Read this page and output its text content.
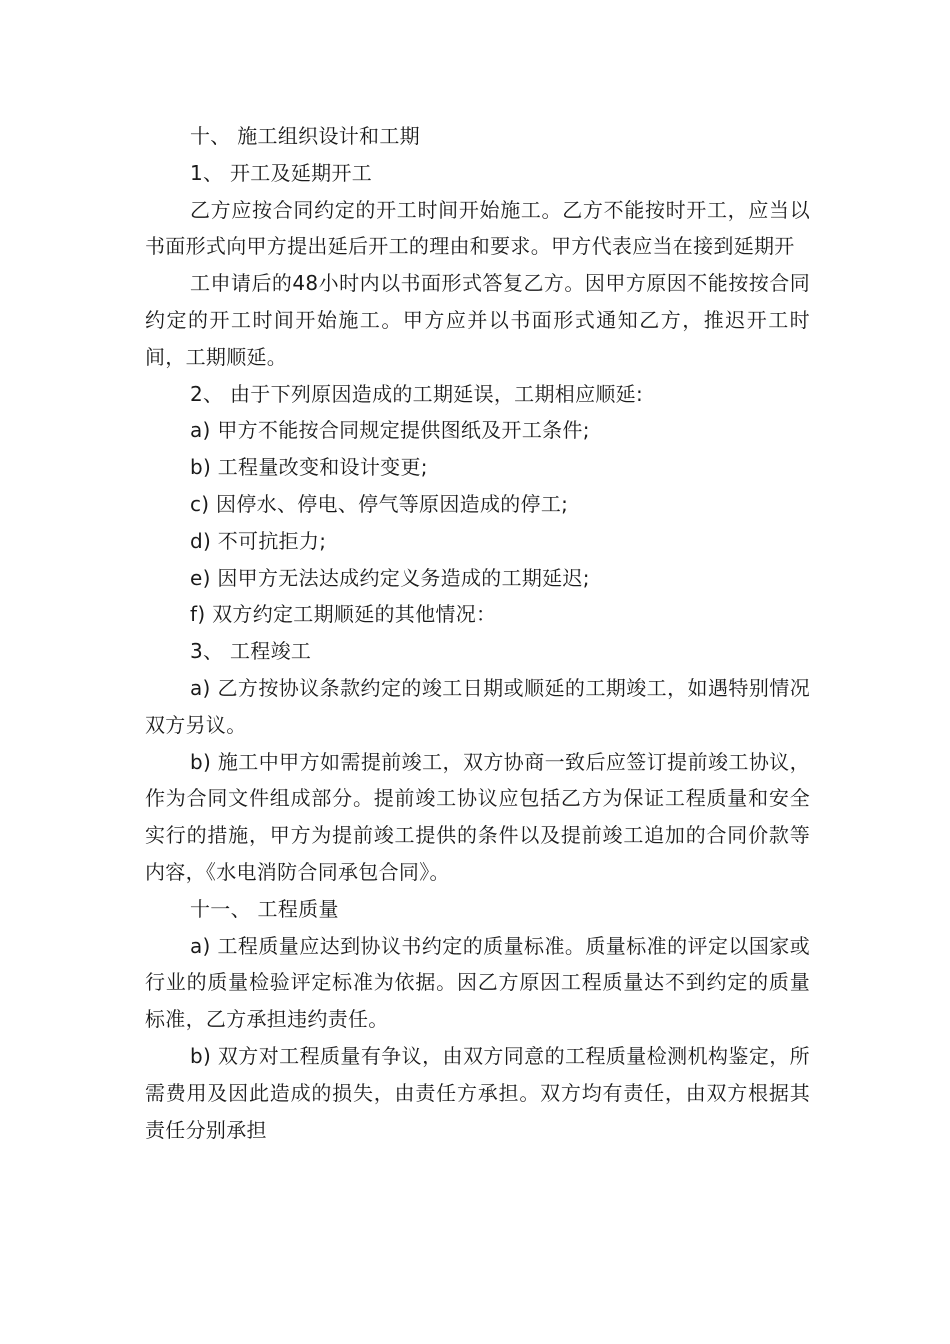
十、 施工组织设计和工期

1、 开工及延期开工

乙方应按合同约定的开工时间开始施工。乙方不能按时开工，应当以书面形式向甲方提出延后开工的理由和要求。甲方代表应当在接到延期开

工申请后的48小时内以书面形式答复乙方。因甲方原因不能按按合同约定的开工时间开始施工。甲方应并以书面形式通知乙方，推迟开工时间，工期顺延。

2、 由于下列原因造成的工期延误，工期相应顺延:

a) 甲方不能按合同规定提供图纸及开工条件;

b) 工程量改变和设计变更;

c) 因停水、停电、停气等原因造成的停工;

d) 不可抗拒力;

e) 因甲方无法达成约定义务造成的工期延迟;

f) 双方约定工期顺延的其他情况：

3、 工程竣工

a) 乙方按协议条款约定的竣工日期或顺延的工期竣工，如遇特别情况双方另议。

b) 施工中甲方如需提前竣工，双方协商一致后应签订提前竣工协议，作为合同文件组成部分。提前竣工协议应包括乙方为保证工程质量和安全实行的措施，甲方为提前竣工提供的条件以及提前竣工追加的合同价款等内容，《水电消防合同承包合同》。

十一、 工程质量

a) 工程质量应达到协议书约定的质量标准。质量标准的评定以国家或行业的质量检验评定标准为依据。因乙方原因工程质量达不到约定的质量标准，乙方承担违约责任。

b) 双方对工程质量有争议，由双方同意的工程质量检测机构鉴定，所需费用及因此造成的损失，由责任方承担。双方均有责任，由双方根据其责任分别承担
